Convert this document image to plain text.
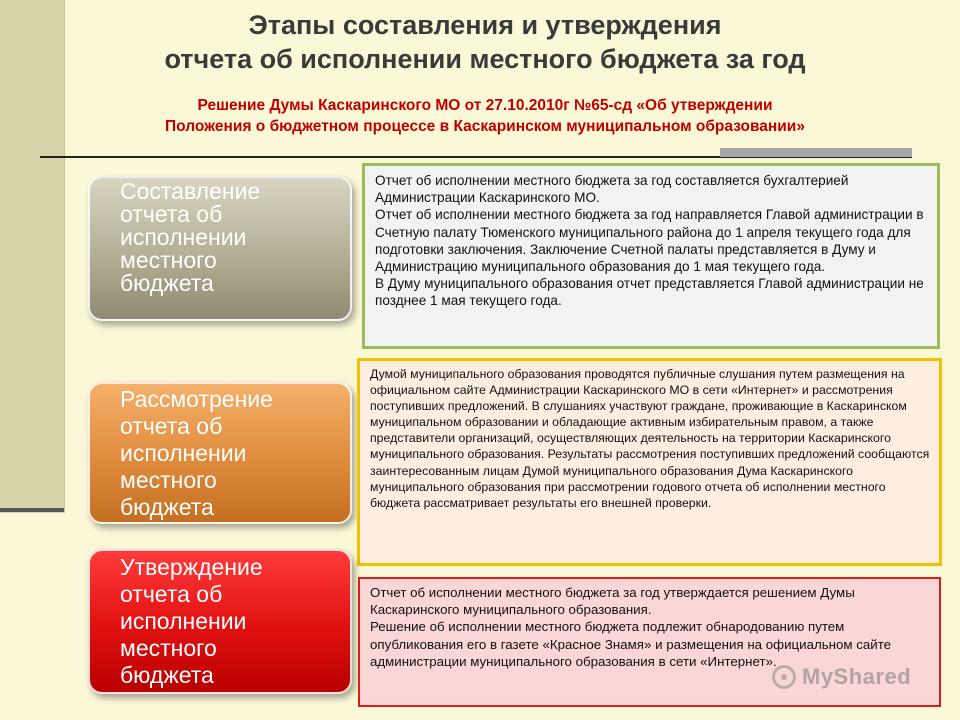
Этапы составления и утверждения
отчета об исполнении местного бюджета за год
Решение Думы Каскаринского МО от 27.10.2010г №65-сд «Об утверждении
Положения о бюджетном процессе в Каскаринском муниципальном образовании»
Составление
отчета об
исполнении
местного
бюджета
Отчет об исполнении местного бюджета за год составляется бухгалтерией Администрации Каскаринского МО.
Отчет об исполнении местного бюджета за год направляется Главой администрации в Счетную палату Тюменского муниципального района до 1 апреля текущего года для подготовки заключения. Заключение Счетной палаты представляется в Думу и Администрацию муниципального образования до 1 мая текущего года.
В Думу муниципального образования отчет представляется Главой администрации не позднее 1 мая текущего года.
Рассмотрение
отчета об
исполнении
местного
бюджета
Думой муниципального образования проводятся публичные слушания путем размещения на официальном сайте Администрации Каскаринского МО в сети «Интернет» и рассмотрения поступивших предложений. В слушаниях участвуют граждане, проживающие в Каскаринском муниципальном образовании и обладающие активным избирательным правом, а также представители организаций, осуществляющих деятельность на территории Каскаринского муниципального образования. Результаты рассмотрения поступивших предложений сообщаются заинтересованным лицам Думой муниципального образования Дума Каскаринского муниципального образования при рассмотрении годового отчета об исполнении местного бюджета рассматривает результаты его внешней проверки.
Утверждение
отчета об
исполнении
местного
бюджета
Отчет об исполнении местного бюджета за год утверждается решением Думы Каскаринского муниципального образования.
Решение об исполнении местного бюджета подлежит обнародованию путем опубликования его в газете «Красное Знамя» и размещения на официальном сайте администрации муниципального образования в сети «Интернет».
MyShared
